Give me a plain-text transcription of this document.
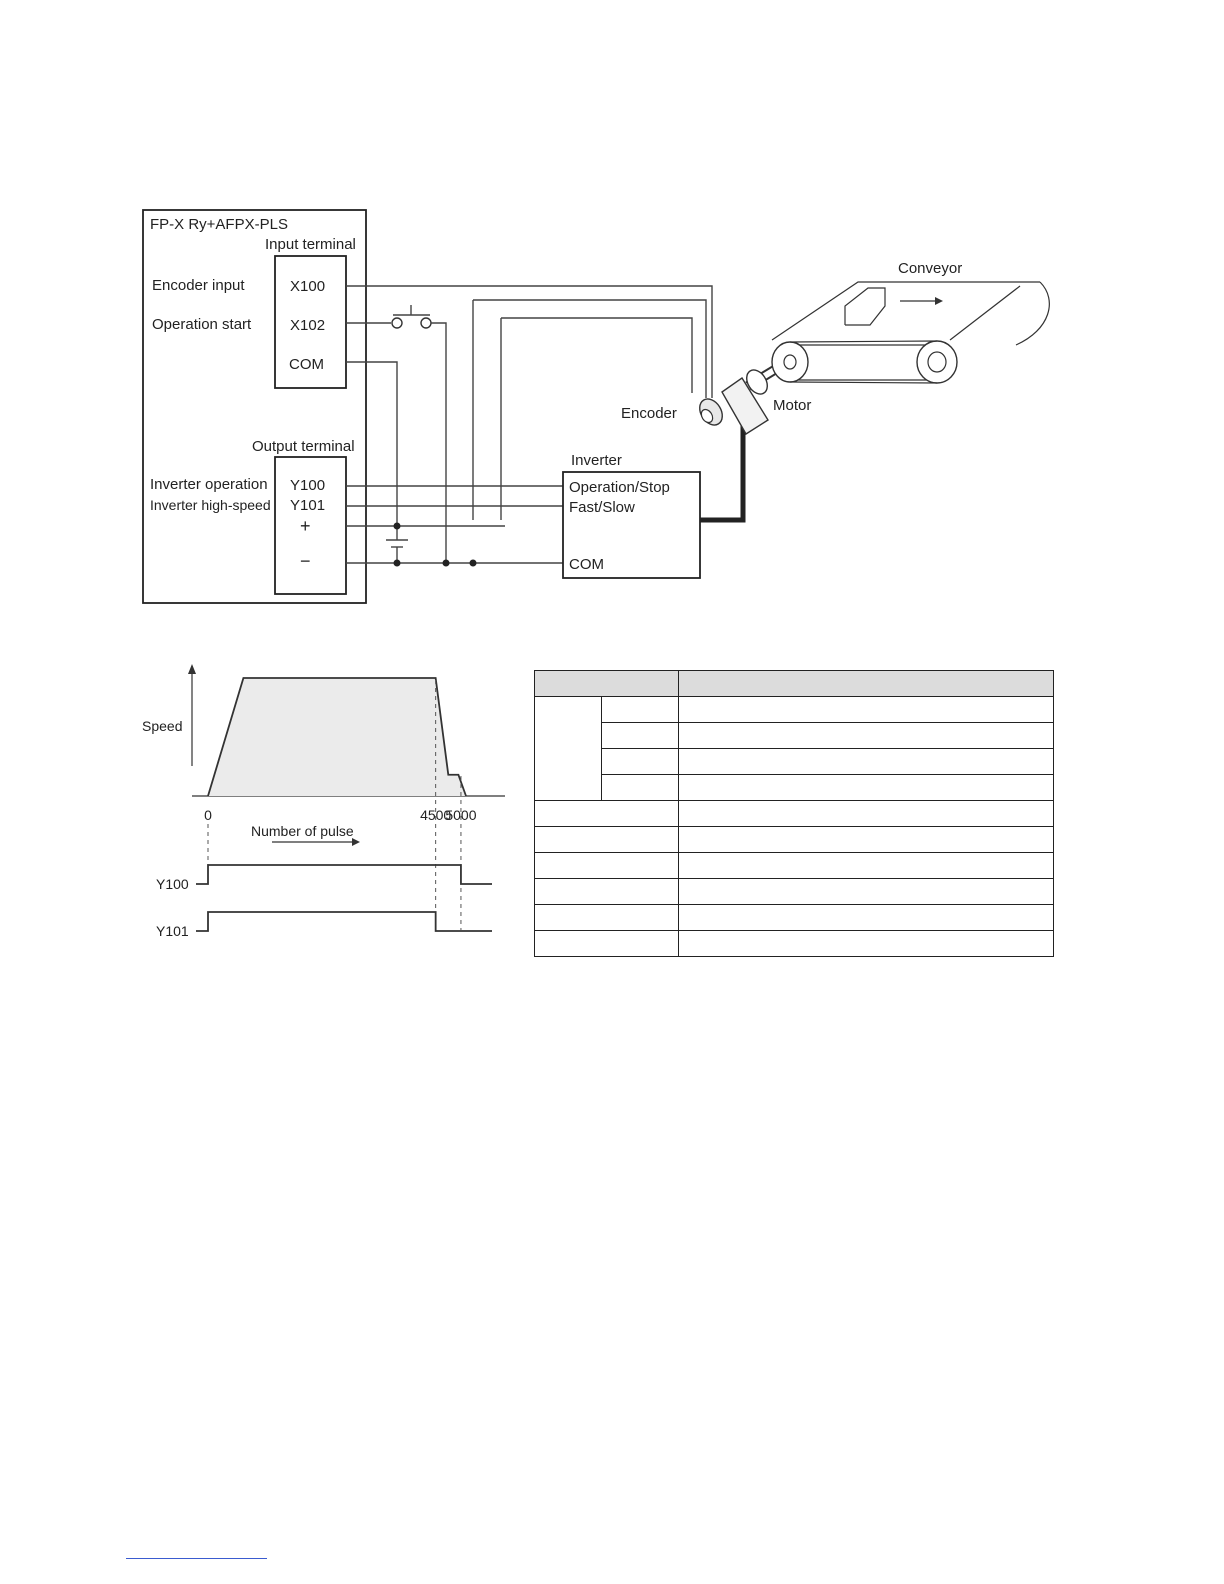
FP-X Ry+AFPX-PLS
Input terminal
Encoder input
Operation start
X100
X102
COM
Output terminal
Inverter operation
Inverter high-speed
Y100
Y101
+
−
Inverter
Operation/Stop
Fast/Slow
COM
Encoder	Motor
Conveyor
Speed
0	4500
5000
Number of pulse
Y100
Y101
